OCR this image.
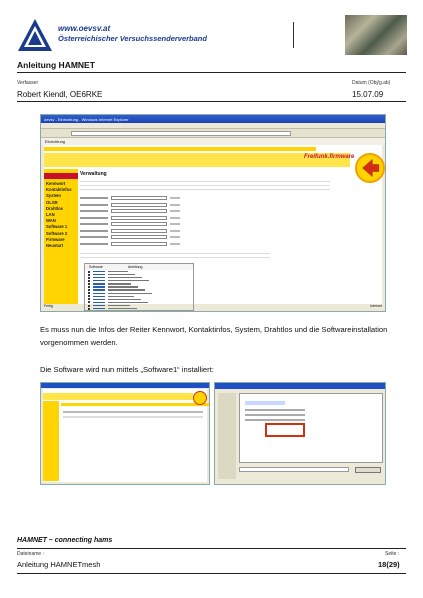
www.oevsv.at
Österreichischer Versuchssenderverband
Anleitung HAMNET
Verfasser	Datum (Obj/g.ab)
Robert Kiendl, OE6RKE	15.07.09
oevsv - Einrichtung - Windows Internet Explorer
Einrichtung
Freifunk.firmware
Kennwort
Kontaktinfos
System
OLSR
Drahtlos
LAN
WAN
Software 1
Software 2
Firmware
Neustart
Verwaltung
Software	Anleitung
Fertig	Internet
Es muss nun die Infos der Reiter Kennwort, Kontaktinfos, System, Drahtlos und die Softwareinstallation vorgenommen werden.
Die Software wird nun mittels „Software1“ installiert:
HAMNET – connecting hams
Dateiname :	Seite :
Anleitung HAMNETmesh	18(29)
